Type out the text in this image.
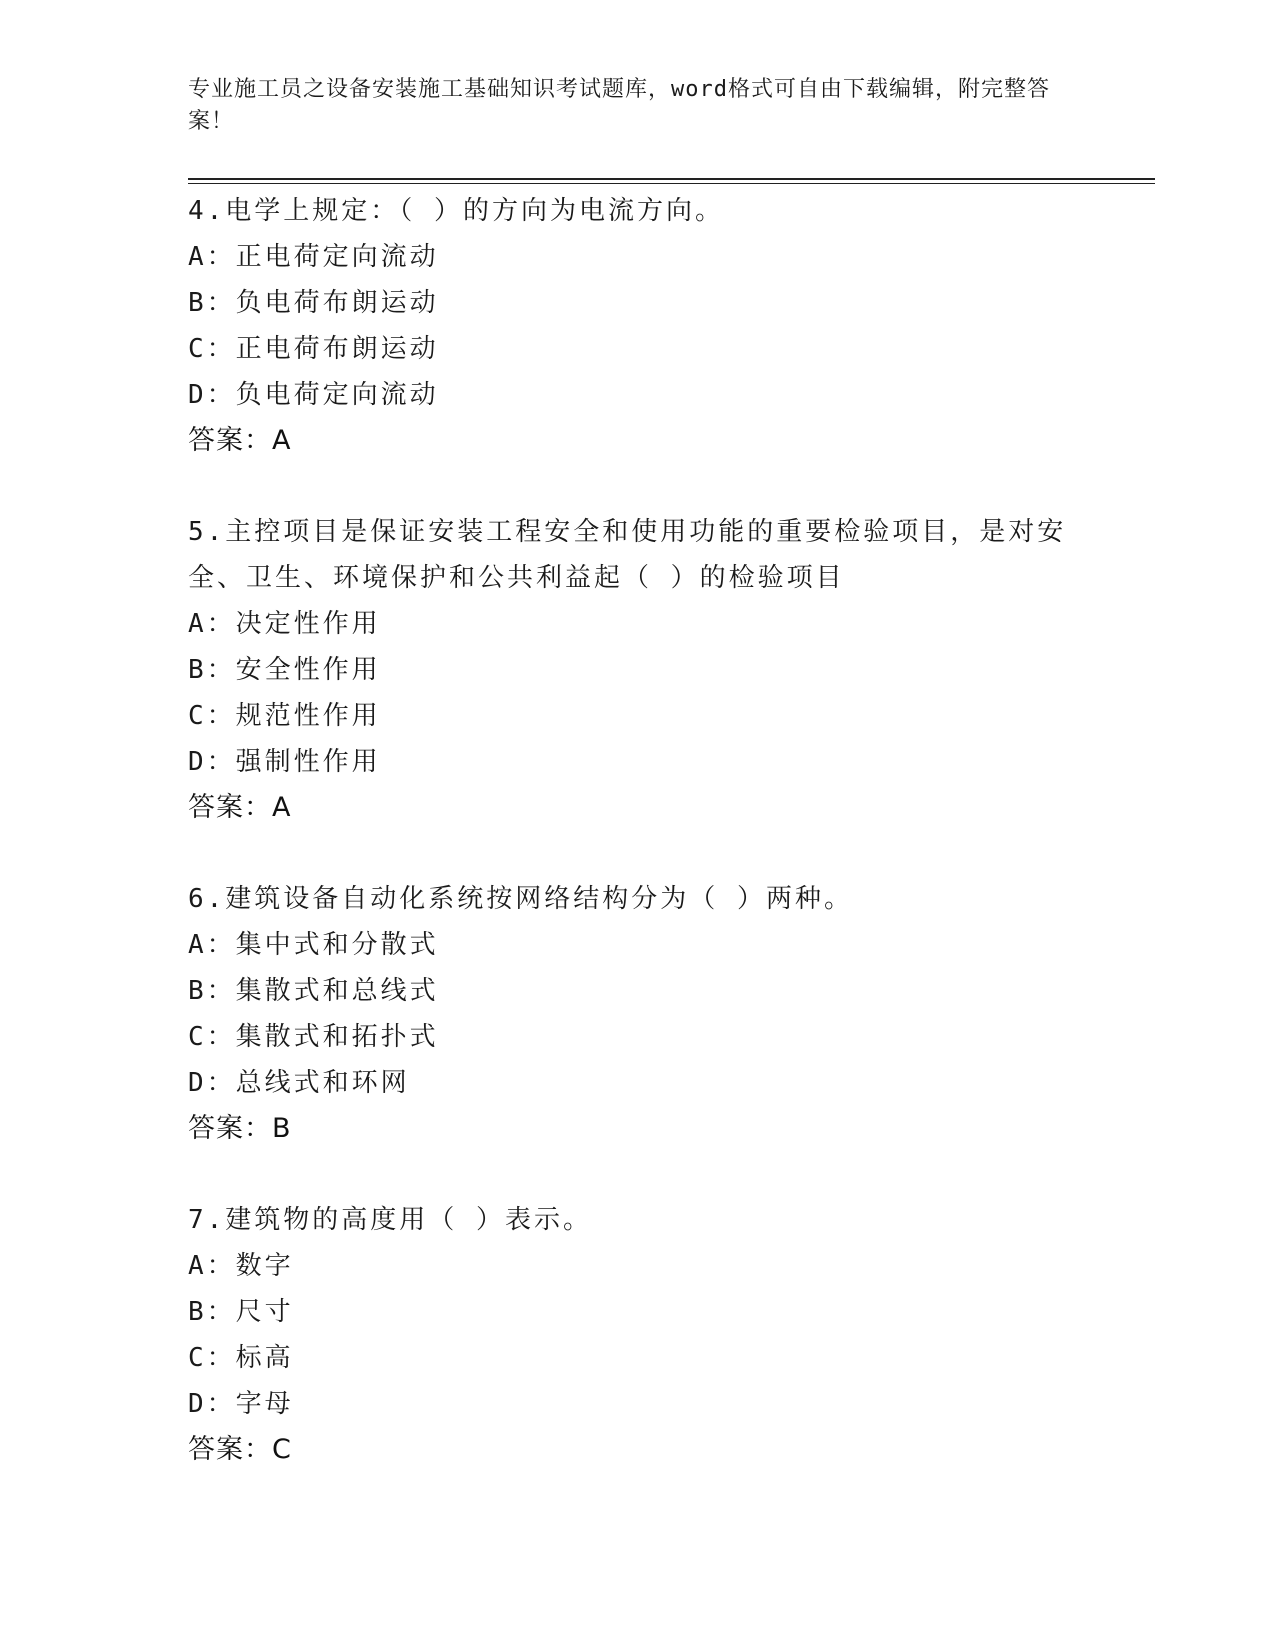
专业施工员之设备安装施工基础知识考试题库，word格式可自由下载编辑，附完整答案！
4.电学上规定：（ ）的方向为电流方向。
A：正电荷定向流动
B：负电荷布朗运动
C：正电荷布朗运动
D：负电荷定向流动
答案：A
5.主控项目是保证安装工程安全和使用功能的重要检验项目，是对安全、卫生、环境保护和公共利益起（ ）的检验项目
A：决定性作用
B：安全性作用
C：规范性作用
D：强制性作用
答案：A
6.建筑设备自动化系统按网络结构分为（ ）两种。
A：集中式和分散式
B：集散式和总线式
C：集散式和拓扑式
D：总线式和环网
答案：B
7.建筑物的高度用（ ）表示。
A：数字
B：尺寸
C：标高
D：字母
答案：C
